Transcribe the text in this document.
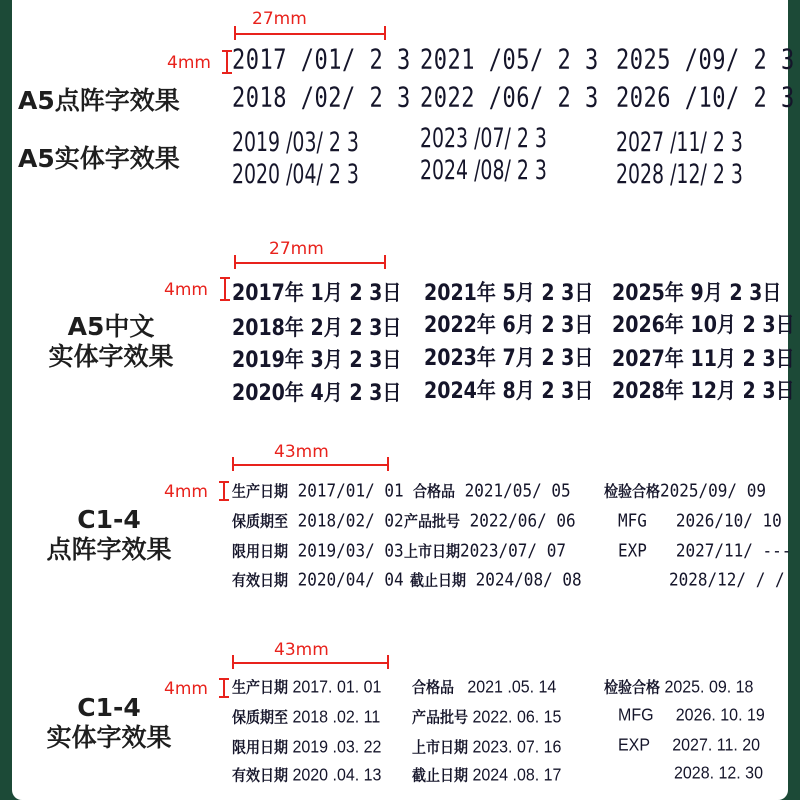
27mm
4mm
A5点阵字效果
A5实体字效果
2017 /01/ 2 3 2021 /05/ 2 3 2025 /09/ 2 3
2018 /02/ 2 3 2022 /06/ 2 3 2026 /10/ 2 3
2019 /03/ 2 3	2023 /07/ 2 3	2027 /11/ 2 3
2020 /04/ 2 3	2024 /08/ 2 3	2028 /12/ 2 3
27mm
4mm
A5中文
实体字效果
2017年 1月 2 3日 2021年 5月 2 3日 2025年 9月 2 3日
2018年 2月 2 3日 2022年 6月 2 3日 2026年 10月 2 3日
2019年 3月 2 3日 2023年 7月 2 3日 2027年 11月 2 3日
2020年 4月 2 3日 2024年 8月 2 3日 2028年 12月 2 3日
43mm
4mm
C1-4
点阵字效果
生产日期 2017/01/ 01 合格品 2021/05/ 05 检验合格2025/09/ 09
保质期至 2018/02/ 02 产品批号 2022/06/ 06	MFG 2026/10/ 10
限用日期 2019/03/ 03 上市日期2023/07/ 07	EXP 2027/11/ ---
有效日期 2020/04/ 04 截止日期 2024/08/ 08	2028/12/ / /
43mm
4mm
C1-4
实体字效果
生产日期 2017. 01. 01 合格品 2021 .05. 14	检验合格 2025. 09. 18
保质期至 2018 .02. 11 产品批号 2022. 06. 15	MFG 2026. 10. 19
限用日期 2019 .03. 22 上市日期 2023. 07. 16	EXP 2027. 11. 20
有效日期 2020 .04. 13 截止日期 2024 .08. 17	2028. 12. 30
